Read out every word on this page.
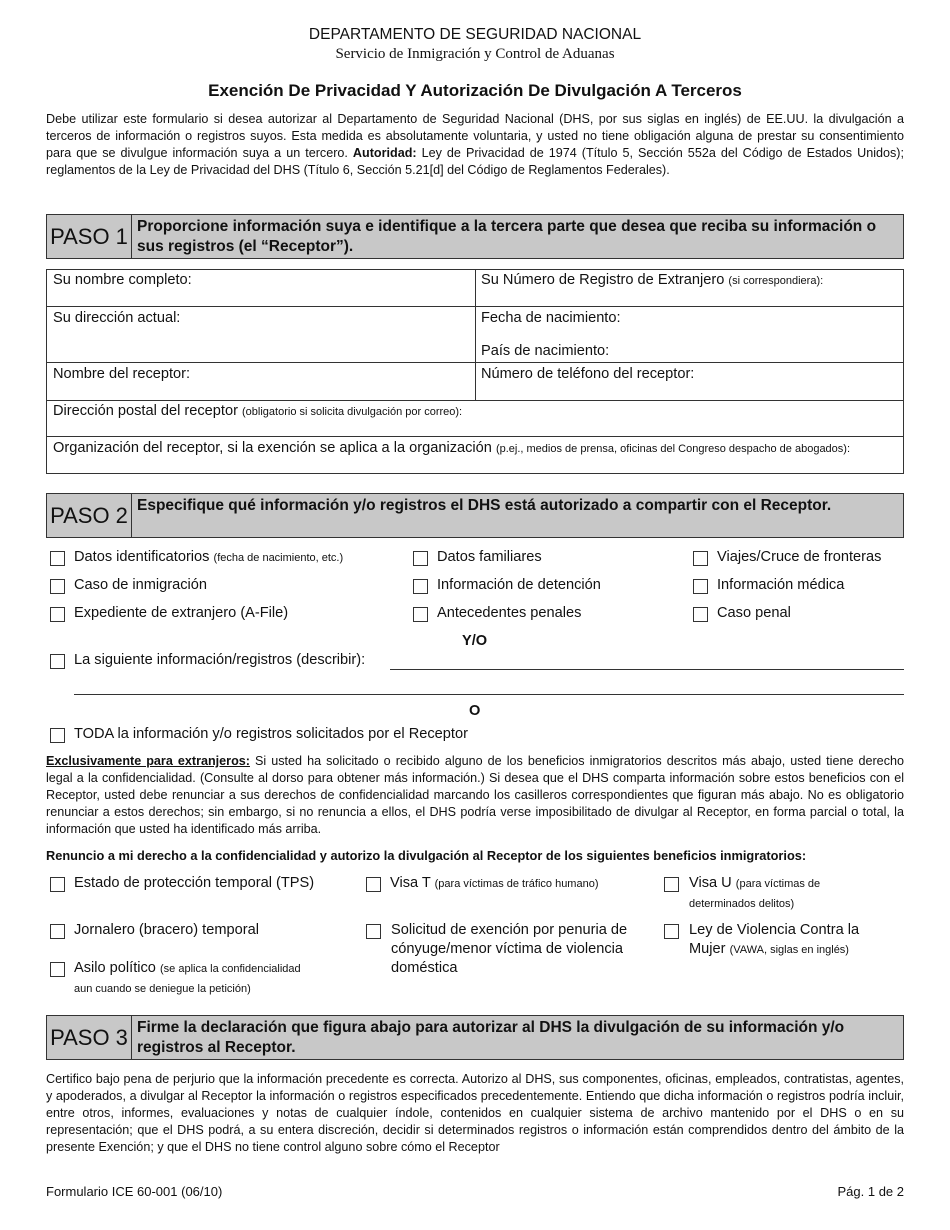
DEPARTAMENTO DE SEGURIDAD NACIONAL
Servicio de Inmigración y Control de Aduanas
Exención De Privacidad Y Autorización De Divulgación A Terceros
Debe utilizar este formulario si desea autorizar al Departamento de Seguridad Nacional (DHS, por sus siglas en inglés) de EE.UU. la divulgación a terceros de información o registros suyos. Esta medida es absolutamente voluntaria, y usted no tiene obligación alguna de prestar su consentimiento para que se divulgue información suya a un tercero. Autoridad: Ley de Privacidad de 1974 (Título 5, Sección 552a del Código de Estados Unidos); reglamentos de la Ley de Privacidad del DHS (Título 6, Sección 5.21[d] del Código de Reglamentos Federales).
PASO 1 Proporcione información suya e identifique a la tercera parte que desea que reciba su información o sus registros (el “Receptor”).
Su nombre completo:	Su Número de Registro de Extranjero (si correspondiera):
Su dirección actual:	Fecha de nacimiento:
País de nacimiento:
Nombre del receptor:	Número de teléfono del receptor:
Dirección postal del receptor (obligatorio si solicita divulgación por correo):
Organización del receptor, si la exención se aplica a la organización (p.ej., medios de prensa, oficinas del Congreso despacho de abogados):
PASO 2 Especifique qué información y/o registros el DHS está autorizado a compartir con el Receptor.
Datos identificatorios (fecha de nacimiento, etc.)	Datos familiares	Viajes/Cruce de fronteras
Caso de inmigración	Información de detención	Información médica
Expediente de extranjero (A-File)	Antecedentes penales	Caso penal
Y/O
La siguiente información/registros (describir):
O
TODA la información y/o registros solicitados por el Receptor
Exclusivamente para extranjeros: Si usted ha solicitado o recibido alguno de los beneficios inmigratorios descritos más abajo, usted tiene derecho legal a la confidencialidad. (Consulte al dorso para obtener más información.) Si desea que el DHS comparta información sobre estos beneficios con el Receptor, usted debe renunciar a sus derechos de confidencialidad marcando los casilleros correspondientes que figuran más abajo. No es obligatorio renunciar a estos derechos; sin embargo, si no renuncia a ellos, el DHS podría verse imposibilitado de divulgar al Receptor, en forma parcial o total, la información que usted ha identificado más arriba.
Renuncio a mi derecho a la confidencialidad y autorizo la divulgación al Receptor de los siguientes beneficios inmigratorios:
Estado de protección temporal (TPS)	Visa T (para víctimas de tráfico humano)	Visa U (para víctimas de
determinados delitos)
Jornalero (bracero) temporal	Solicitud de exención por penuria de
cónyuge/menor víctima de violencia
doméstica
Ley de Violencia Contra la
Mujer (VAWA, siglas en inglés)
Asilo político (se aplica la confidencialidad
aun cuando se deniegue la petición)
PASO 3 Firme la declaración que figura abajo para autorizar al DHS la divulgación de su información y/o registros al Receptor.
Certifico bajo pena de perjurio que la información precedente es correcta. Autorizo al DHS, sus componentes, oficinas, empleados, contratistas, agentes, y apoderados, a divulgar al Receptor la información o registros especificados precedentemente. Entiendo que dicha información o registros podría incluir, entre otros, informes, evaluaciones y notas de cualquier índole, contenidos en cualquier sistema de archivo mantenido por el DHS o en su representación; que el DHS podrá, a su entera discreción, decidir si determinados registros o información están comprendidos dentro del ámbito de la presente Exención; y que el DHS no tiene control alguno sobre cómo el Receptor
Formulario ICE 60-001 (06/10)	Pág. 1 de 2
